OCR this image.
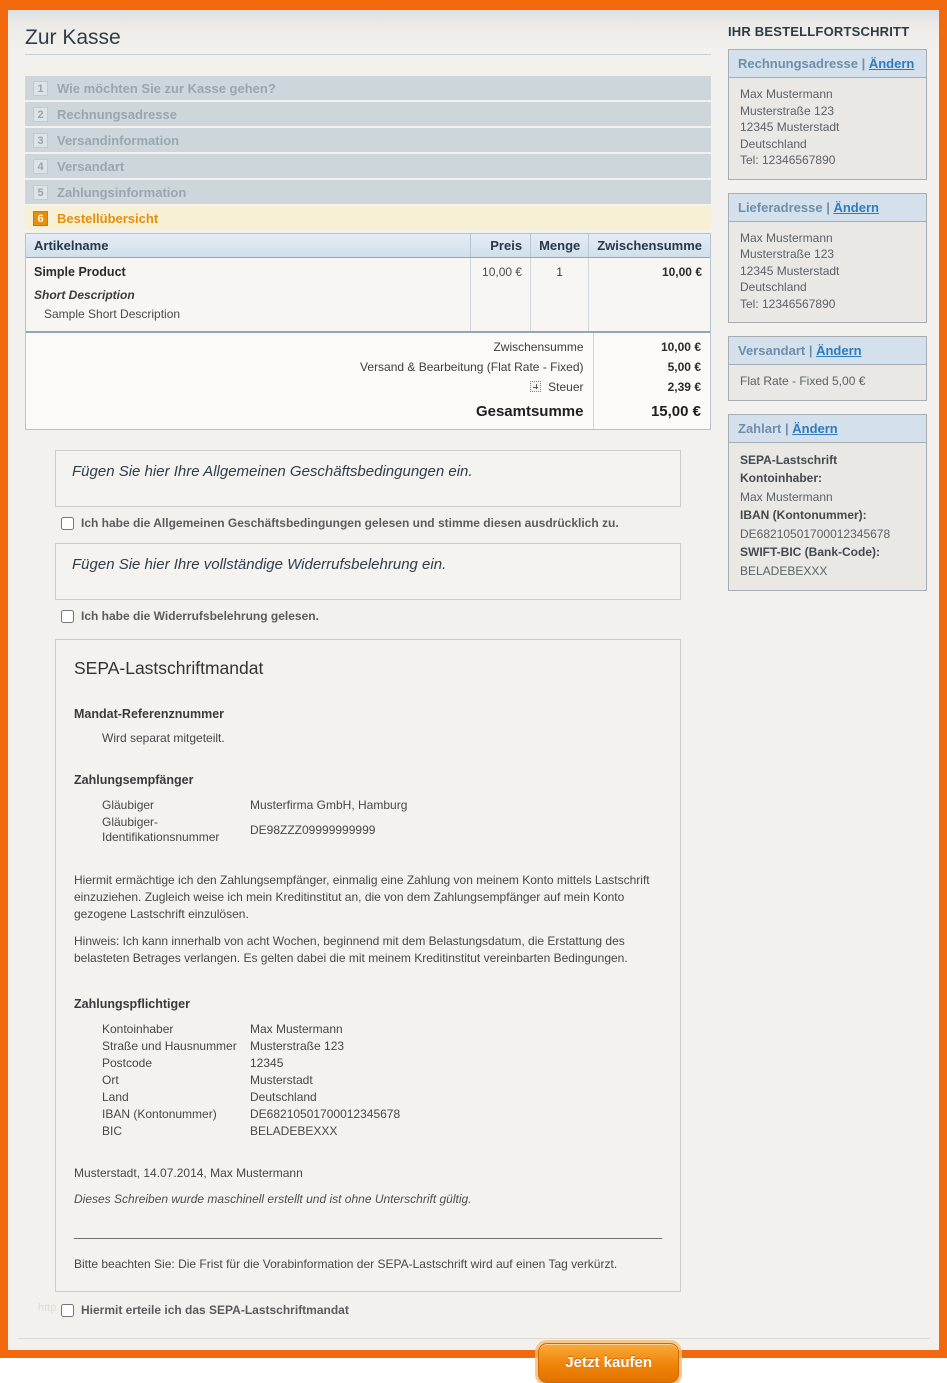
Zur Kasse
1	Wie möchten Sie zur Kasse gehen?
2	Rechnungsadresse
3	Versandinformation
4	Versandart
5	Zahlungsinformation
6	Bestellübersicht
Artikelname	Preis	Menge	Zwischensumme

Simple Product
Short Description
Sample Short Description	10,00 €	1	10,00 €
Zwischensumme	10,00 €
Versand & Bearbeitung (Flat Rate - Fixed)	5,00 €
Steuer	2,39 €
Gesamtsumme	15,00 €
Fügen Sie hier Ihre Allgemeinen Geschäftsbedingungen ein.
Ich habe die Allgemeinen Geschäftsbedingungen gelesen und stimme diesen ausdrücklich zu.
Fügen Sie hier Ihre vollständige Widerrufsbelehrung ein.
Ich habe die Widerrufsbelehrung gelesen.
SEPA-Lastschriftmandat
Mandat-Referenznummer
Wird separat mitgeteilt.
Zahlungsempfänger
Gläubiger	Musterfirma GmbH, Hamburg
Gläubiger-Identifikationsnummer	DE98ZZZ09999999999

Hiermit ermächtige ich den Zahlungsempfänger, einmalig eine Zahlung von meinem Konto mittels Lastschrift einzuziehen. Zugleich weise ich mein Kreditinstitut an, die von dem Zahlungsempfänger auf mein Konto gezogene Lastschrift einzulösen.

Hinweis: Ich kann innerhalb von acht Wochen, beginnend mit dem Belastungsdatum, die Erstattung des belasteten Betrages verlangen. Es gelten dabei die mit meinem Kreditinstitut vereinbarten Bedingungen.

Zahlungspflichtiger
Kontoinhaber	Max Mustermann
Straße und Hausnummer	Musterstraße 123
Postcode	12345
Ort	Musterstadt
Land	Deutschland
IBAN (Kontonummer)	DE68210501700012345678
BIC	BELADEBEXXX
Musterstadt, 14.07.2014, Max Mustermann
Dieses Schreiben wurde maschinell erstellt und ist ohne Unterschrift gültig.
Bitte beachten Sie: Die Frist für die Vorabinformation der SEPA-Lastschrift wird auf einen Tag verkürzt.
Hiermit erteile ich das SEPA-Lastschriftmandat
Jetzt kaufen
IHR BESTELLFORTSCHRITT
Rechnungsadresse | Ändern
Max Mustermann
Musterstraße 123
12345 Musterstadt
Deutschland
Tel: 12346567890
Lieferadresse | Ändern
Max Mustermann
Musterstraße 123
12345 Musterstadt
Deutschland
Tel: 12346567890
Versandart | Ändern
Flat Rate - Fixed 5,00 €
Zahlart | Ändern
SEPA-Lastschrift
Kontoinhaber:
Max Mustermann
IBAN (Kontonummer):
DE68210501700012345678
SWIFT-BIC (Bank-Code):
BELADEBEXXX
http
